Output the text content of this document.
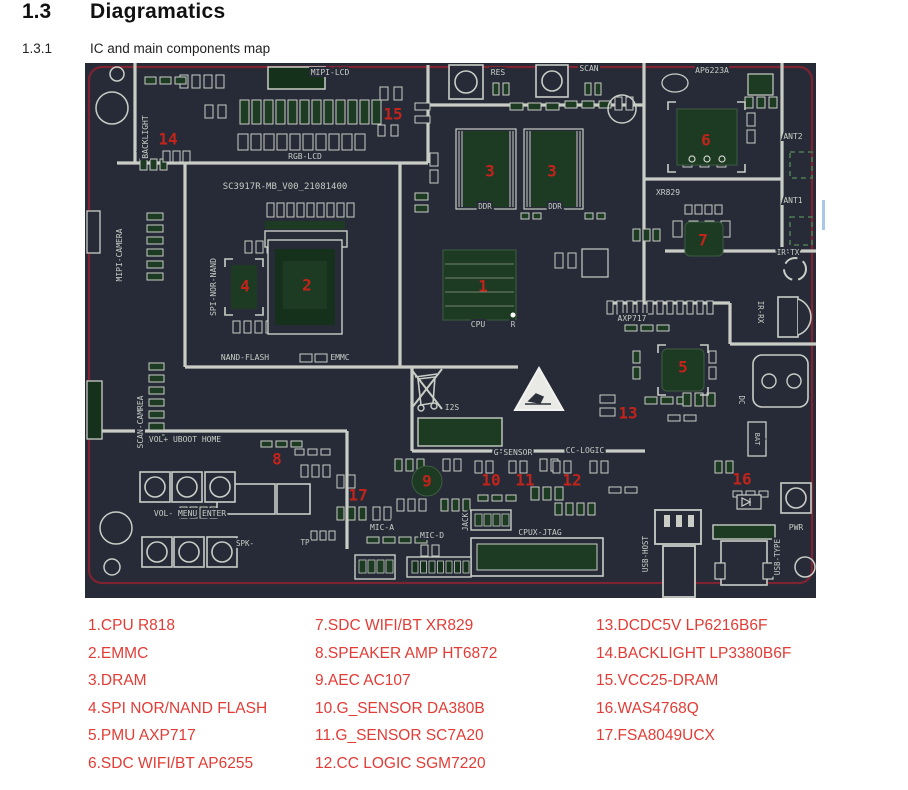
1.3 Diagramatics
1.3.1	IC and main components map
MIPI-LCD
RGB-LCD
BACKLIGHT
SC3917R-MB_V00_21081400
MIPI-CAMERA
SCAN-CAMREA
SPI-NOR-NAND
NAND-FLASH	EMMC
RES	SCAN
DDR	DDR
CPU	R
AP6223A
ANT2
ANT1
XR829
IR-TX
IR-RX
AXP717
DC
I2S
VOL+ UBOOT HOME
VOL- MENU ENTER
SPK-	TP
MIC-A
MIC-D
JACK
CPUX-JTAG
G-SENSOR	CC-LOGIC
USB-HOST	USB-TYPE
PWR
BAT
1
2
3	3
4
5
6
7
8
9	10 11 12
13
14
15
16
17
1.CPU R818
2.EMMC
3.DRAM
4.SPI NOR/NAND FLASH
5.PMU AXP717
6.SDC WIFI/BT AP6255
7.SDC WIFI/BT XR829
8.SPEAKER AMP HT6872
9.AEC AC107
10.G_SENSOR DA380B
11.G_SENSOR SC7A20
12.CC LOGIC SGM7220
13.DCDC5V LP6216B6F
14.BACKLIGHT LP3380B6F
15.VCC25-DRAM
16.WAS4768Q
17.FSA8049UCX
